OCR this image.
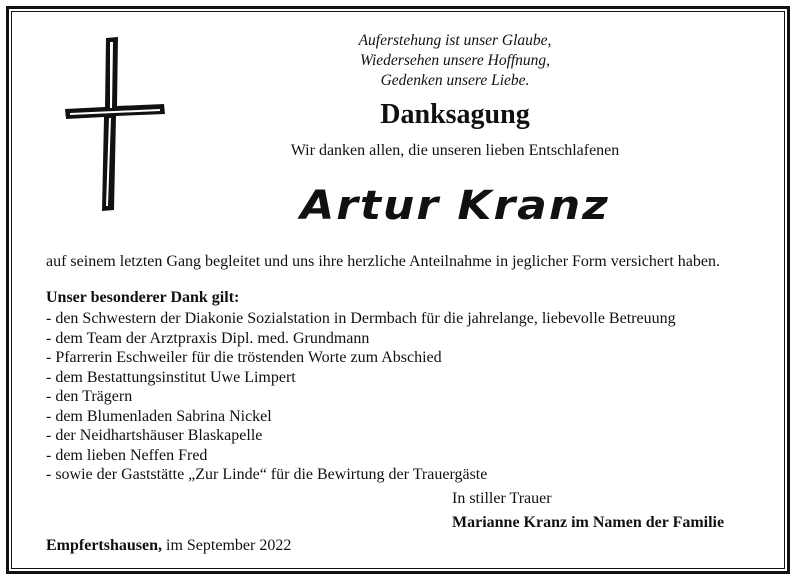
Auferstehung ist unser Glaube,
Wiedersehen unsere Hoffnung,
Gedenken unsere Liebe.
Danksagung
Wir danken allen, die unseren lieben Entschlafenen
Artur Kranz
auf seinem letzten Gang begleitet und uns ihre herzliche Anteilnahme in jeglicher Form versichert haben.
Unser besonderer Dank gilt:
- den Schwestern der Diakonie Sozialstation in Dermbach für die jahrelange, liebevolle Betreuung
- dem Team der Arztpraxis Dipl. med. Grundmann
- Pfarrerin Eschweiler für die tröstenden Worte zum Abschied
- dem Bestattungsinstitut Uwe Limpert
- den Trägern
- dem Blumenladen Sabrina Nickel
- der Neidhartshäuser Blaskapelle
- dem lieben Neffen Fred
- sowie der Gaststätte „Zur Linde“ für die Bewirtung der Trauergäste
In stiller Trauer
Marianne Kranz im Namen der Familie
Empfertshausen, im September 2022
